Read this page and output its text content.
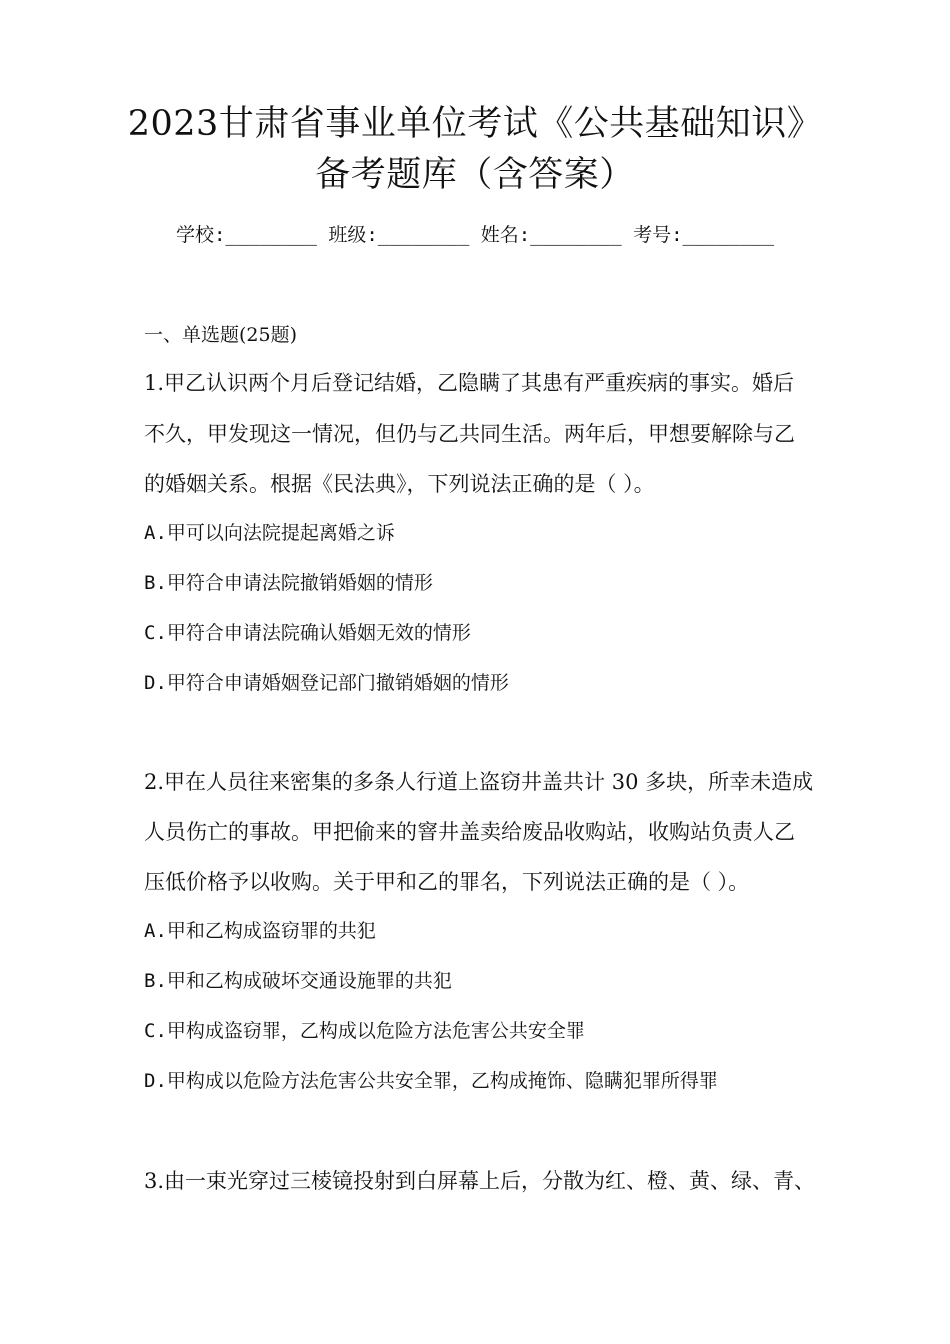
2023甘肃省事业单位考试《公共基础知识》
备考题库（含答案）
学校:________ 班级:________ 姓名:________ 考号:________
一、单选题(25题)
1.甲乙认识两个月后登记结婚，乙隐瞒了其患有严重疾病的事实。婚后
不久，甲发现这一情况，但仍与乙共同生活。两年后，甲想要解除与乙
的婚姻关系。根据《民法典》，下列说法正确的是（ ）。
A.甲可以向法院提起离婚之诉
B.甲符合申请法院撤销婚姻的情形
C.甲符合申请法院确认婚姻无效的情形
D.甲符合申请婚姻登记部门撤销婚姻的情形
2.甲在人员往来密集的多条人行道上盗窃井盖共计 30 多块，所幸未造成
人员伤亡的事故。甲把偷来的窨井盖卖给废品收购站，收购站负责人乙
压低价格予以收购。关于甲和乙的罪名，下列说法正确的是（ ）。
A.甲和乙构成盗窃罪的共犯
B.甲和乙构成破坏交通设施罪的共犯
C.甲构成盗窃罪，乙构成以危险方法危害公共安全罪
D.甲构成以危险方法危害公共安全罪，乙构成掩饰、隐瞒犯罪所得罪
3.由一束光穿过三棱镜投射到白屏幕上后，分散为红、橙、黄、绿、青、
